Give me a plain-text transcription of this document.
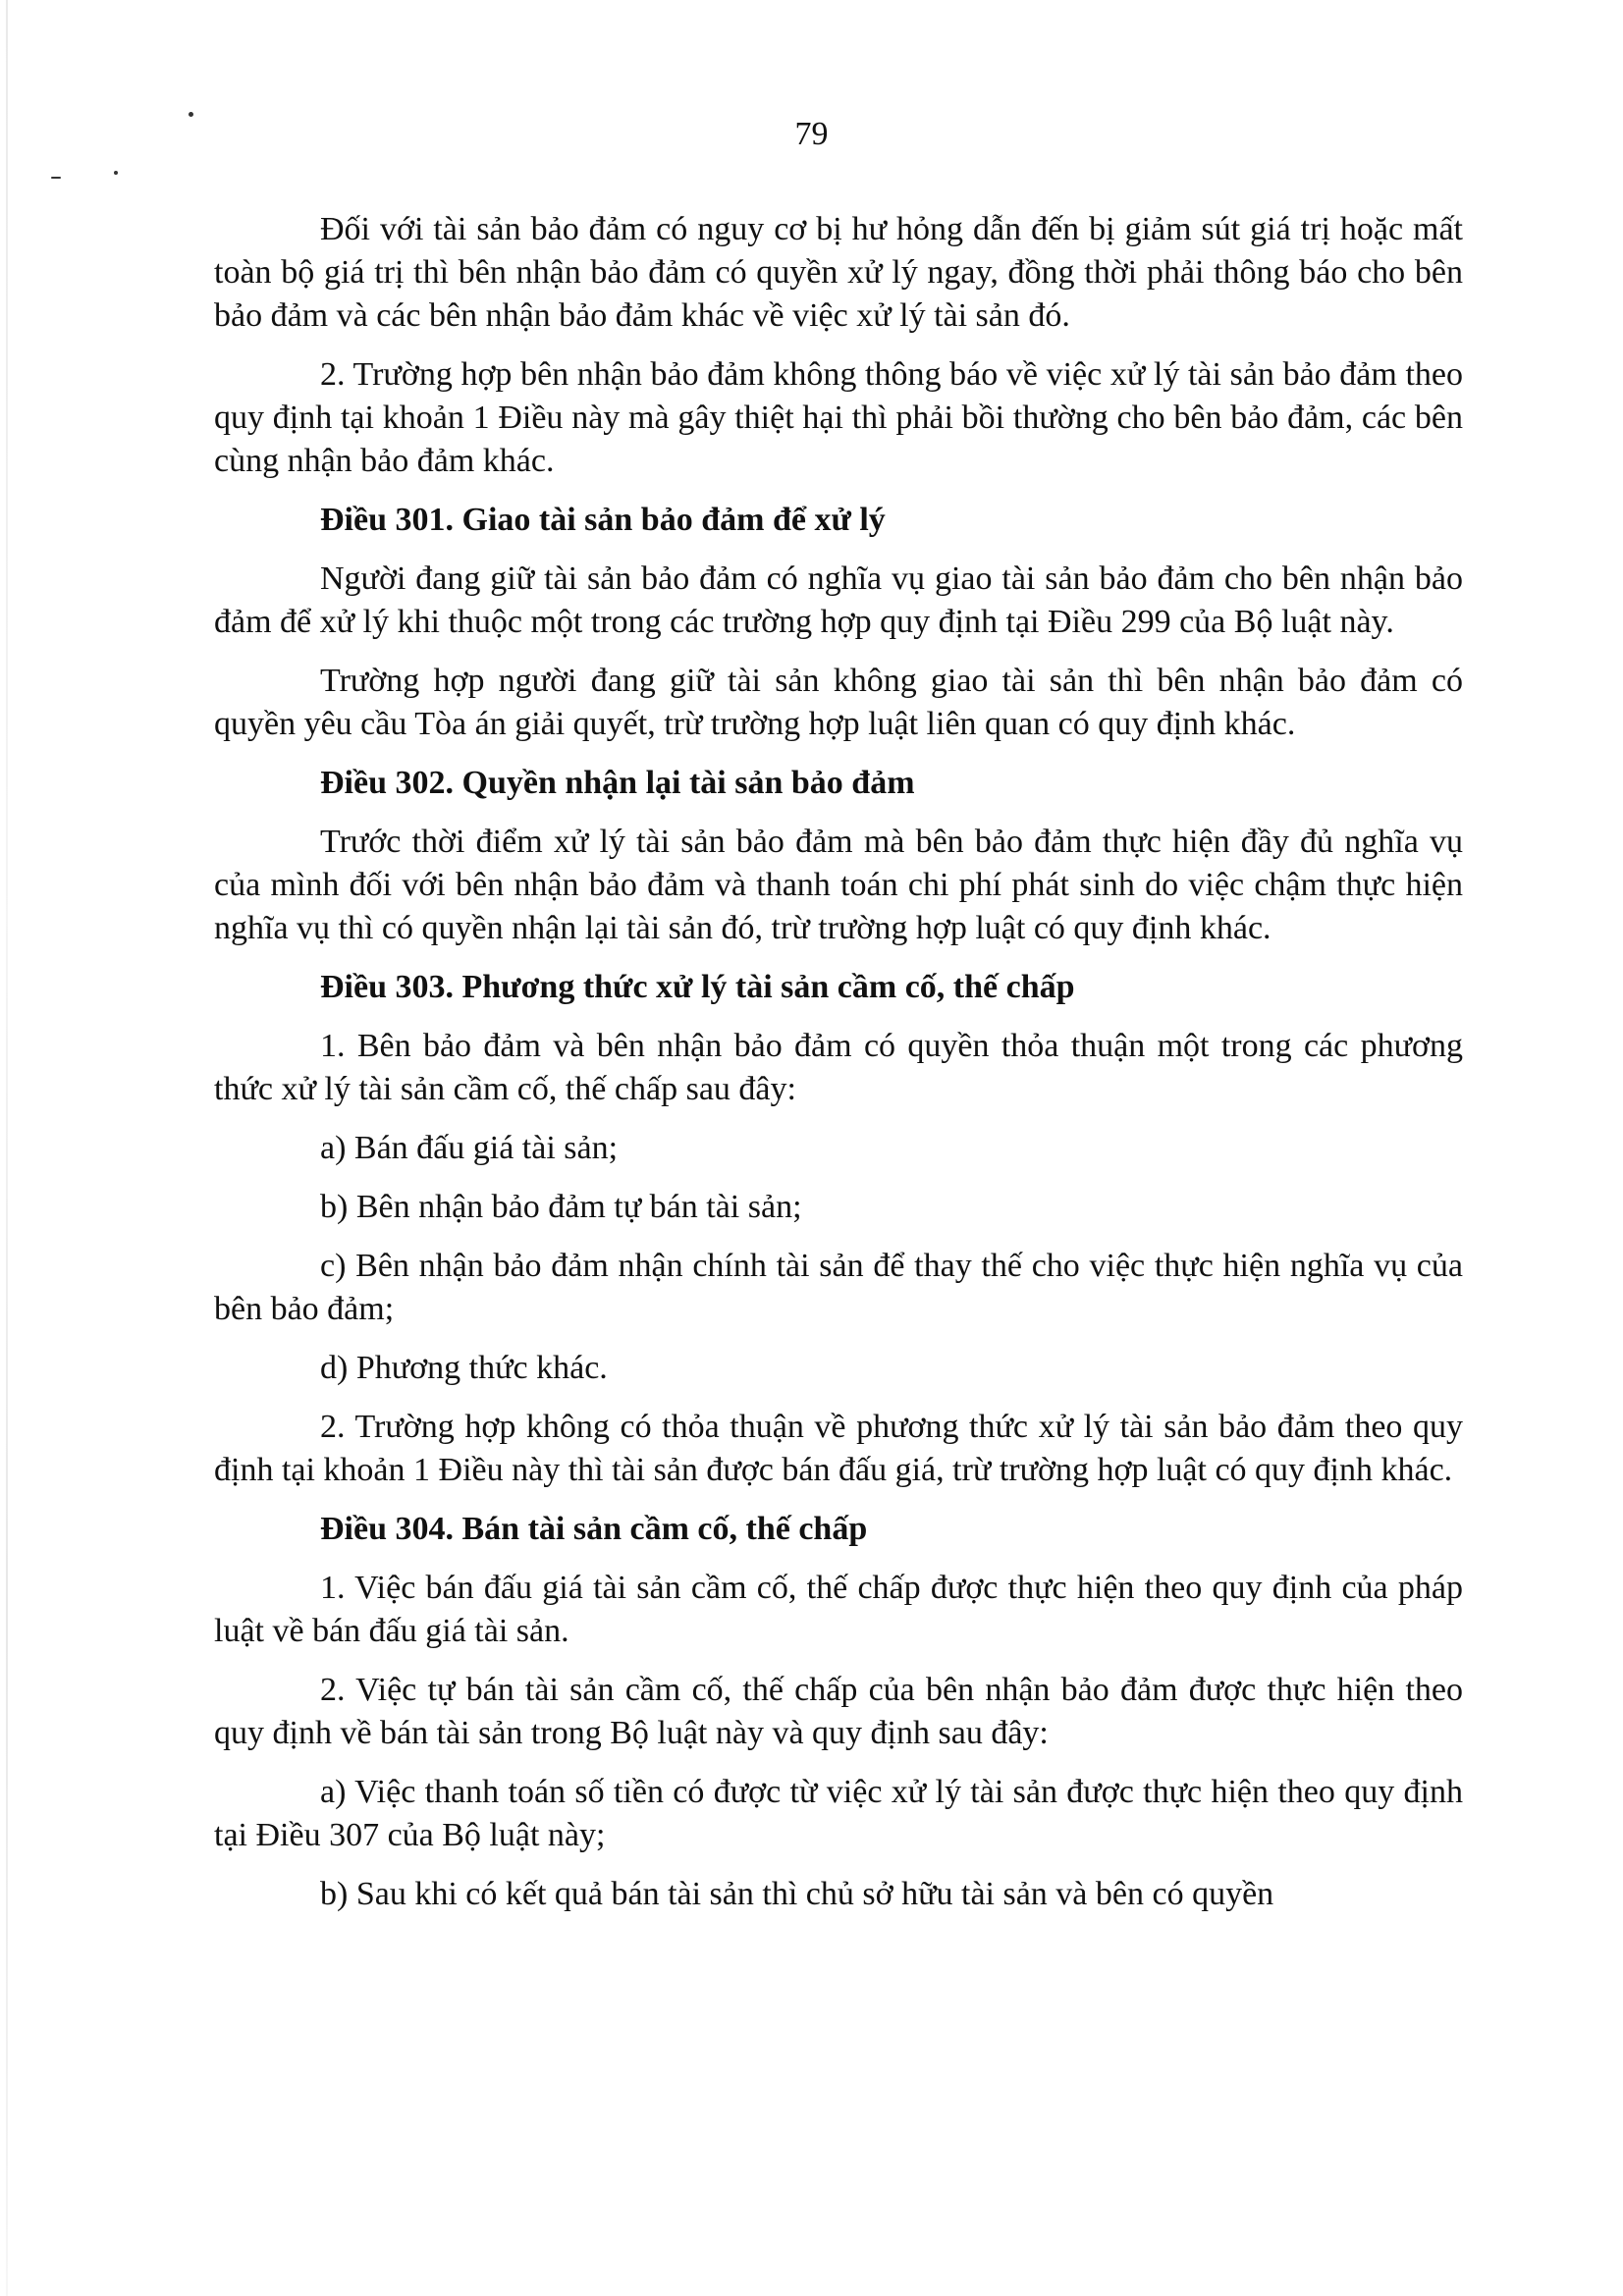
79

Đối với tài sản bảo đảm có nguy cơ bị hư hỏng dẫn đến bị giảm sút giá trị hoặc mất toàn bộ giá trị thì bên nhận bảo đảm có quyền xử lý ngay, đồng thời phải thông báo cho bên bảo đảm và các bên nhận bảo đảm khác về việc xử lý tài sản đó.

2. Trường hợp bên nhận bảo đảm không thông báo về việc xử lý tài sản bảo đảm theo quy định tại khoản 1 Điều này mà gây thiệt hại thì phải bồi thường cho bên bảo đảm, các bên cùng nhận bảo đảm khác.

Điều 301. Giao tài sản bảo đảm để xử lý

Người đang giữ tài sản bảo đảm có nghĩa vụ giao tài sản bảo đảm cho bên nhận bảo đảm để xử lý khi thuộc một trong các trường hợp quy định tại Điều 299 của Bộ luật này.

Trường hợp người đang giữ tài sản không giao tài sản thì bên nhận bảo đảm có quyền yêu cầu Tòa án giải quyết, trừ trường hợp luật liên quan có quy định khác.

Điều 302. Quyền nhận lại tài sản bảo đảm

Trước thời điểm xử lý tài sản bảo đảm mà bên bảo đảm thực hiện đầy đủ nghĩa vụ của mình đối với bên nhận bảo đảm và thanh toán chi phí phát sinh do việc chậm thực hiện nghĩa vụ thì có quyền nhận lại tài sản đó, trừ trường hợp luật có quy định khác.

Điều 303. Phương thức xử lý tài sản cầm cố, thế chấp

1. Bên bảo đảm và bên nhận bảo đảm có quyền thỏa thuận một trong các phương thức xử lý tài sản cầm cố, thế chấp sau đây:

a) Bán đấu giá tài sản;

b) Bên nhận bảo đảm tự bán tài sản;

c) Bên nhận bảo đảm nhận chính tài sản để thay thế cho việc thực hiện nghĩa vụ của bên bảo đảm;

d) Phương thức khác.

2. Trường hợp không có thỏa thuận về phương thức xử lý tài sản bảo đảm theo quy định tại khoản 1 Điều này thì tài sản được bán đấu giá, trừ trường hợp luật có quy định khác.

Điều 304. Bán tài sản cầm cố, thế chấp

1. Việc bán đấu giá tài sản cầm cố, thế chấp được thực hiện theo quy định của pháp luật về bán đấu giá tài sản.

2. Việc tự bán tài sản cầm cố, thế chấp của bên nhận bảo đảm được thực hiện theo quy định về bán tài sản trong Bộ luật này và quy định sau đây:

a) Việc thanh toán số tiền có được từ việc xử lý tài sản được thực hiện theo quy định tại Điều 307 của Bộ luật này;

b) Sau khi có kết quả bán tài sản thì chủ sở hữu tài sản và bên có quyền
